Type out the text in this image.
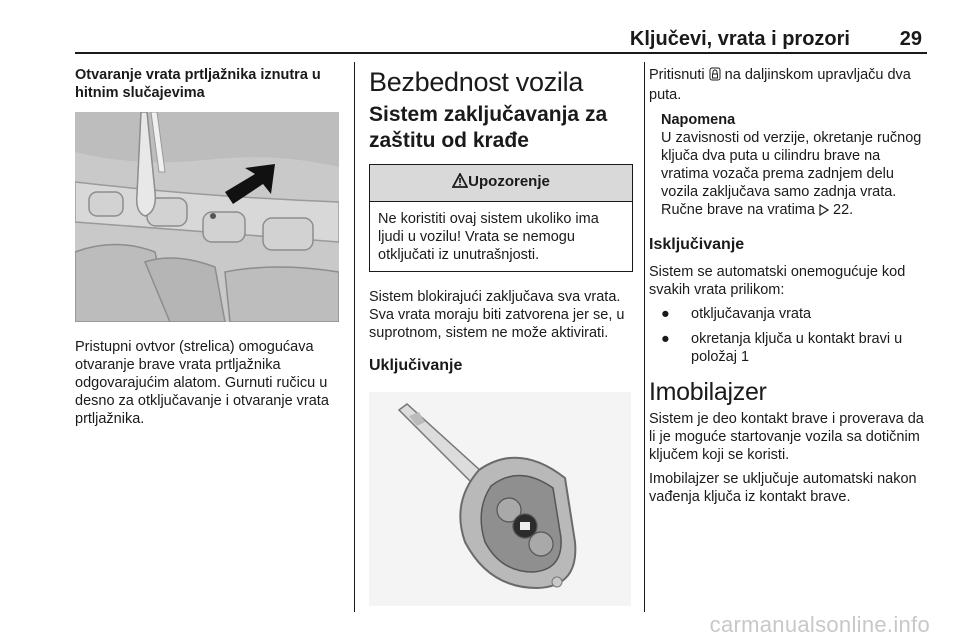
Ključevi, vrata i prozori	29

Otvaranje vrata prtljažnika iznutra u hitnim slučajevima

Pristupni ovtvor (strelica) omogućava otvaranje brave vrata prtljažnika odgovarajućim alatom. Gurnuti ručicu u desno za otključavanje i otvaranje vrata prtljažnika.

Bezbednost vozila
Sistem zaključavanja za zaštitu od krađe
Upozorenje
Ne koristiti ovaj sistem ukoliko ima ljudi u vozilu! Vrata se nemogu otključati iz unutrašnjosti.

Sistem blokirajući zaključava sva vrata. Sva vrata moraju biti zatvorena jer se, u suprotnom, sistem ne može aktivirati.

Uključivanje

Pritisnuti na daljinskom upravljaču dva puta.

Napomena

U zavisnosti od verzije, okretanje ručnog ključa dva puta u cilindru brave na vratima vozača prema zadnjem delu vozila zaključava samo zadnja vrata. Ručne brave na vratima 22.

Isključivanje

Sistem se automatski onemogućuje kod svakih vrata prilikom:

● otključavanja vrata
● okretanja ključa u kontakt bravi u položaj 1
Imobilajzer

Sistem je deo kontakt brave i proverava da li je moguće startovanje vozila sa dotičnim ključem koji se koristi.

Imobilajzer se uključuje automatski nakon vađenja ključa iz kontakt brave.

carmanualsonline.info
